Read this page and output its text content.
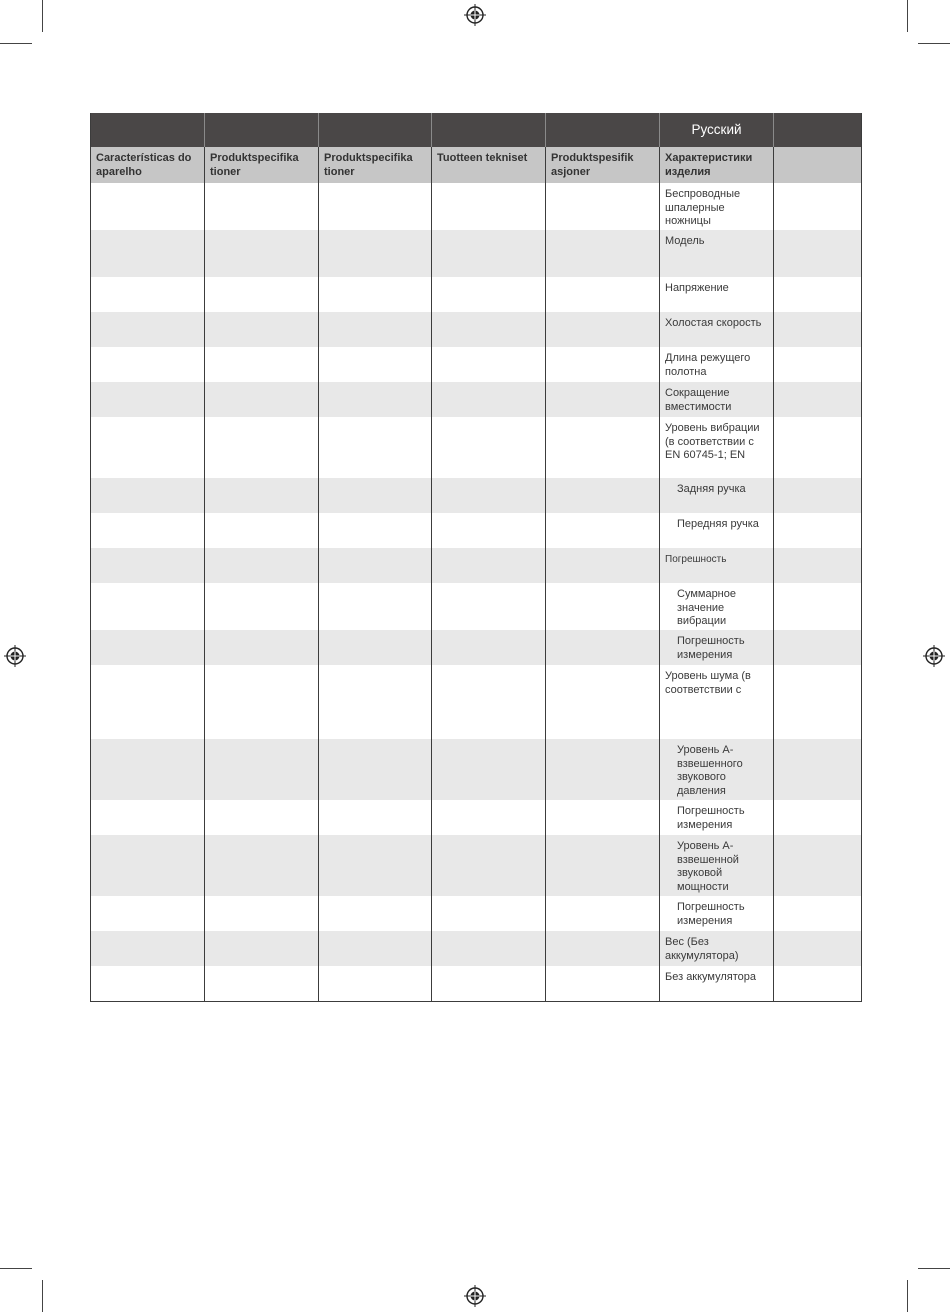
					Русский	

Características do aparelho	Produktspecifika tioner	Produktspecifika tioner	Tuotteen tekniset	Produktspesifik asjoner	Характеристики изделия	

					Беспроводные шпалерные ножницы	

					Модель	

					Напряжение	

					Холостая скорость	

					Длина режущего полотна	

					Сокращение вместимости	

					Уровень вибрации (в соответствии с EN 60745-1; EN	

					Задняя ручка	

					Передняя ручка	

					Погрешность	

					Суммарное значение вибрации	

					Погрешность измерения	

					Уровень шума (в соответствии с	

					Уровень A-взвешенного звукового давления	

					Погрешность измерения	

					Уровень A-взвешенной звуковой мощности	

					Погрешность измерения	

					Вес (Без аккумулятора)	

					Без аккумулятора	
